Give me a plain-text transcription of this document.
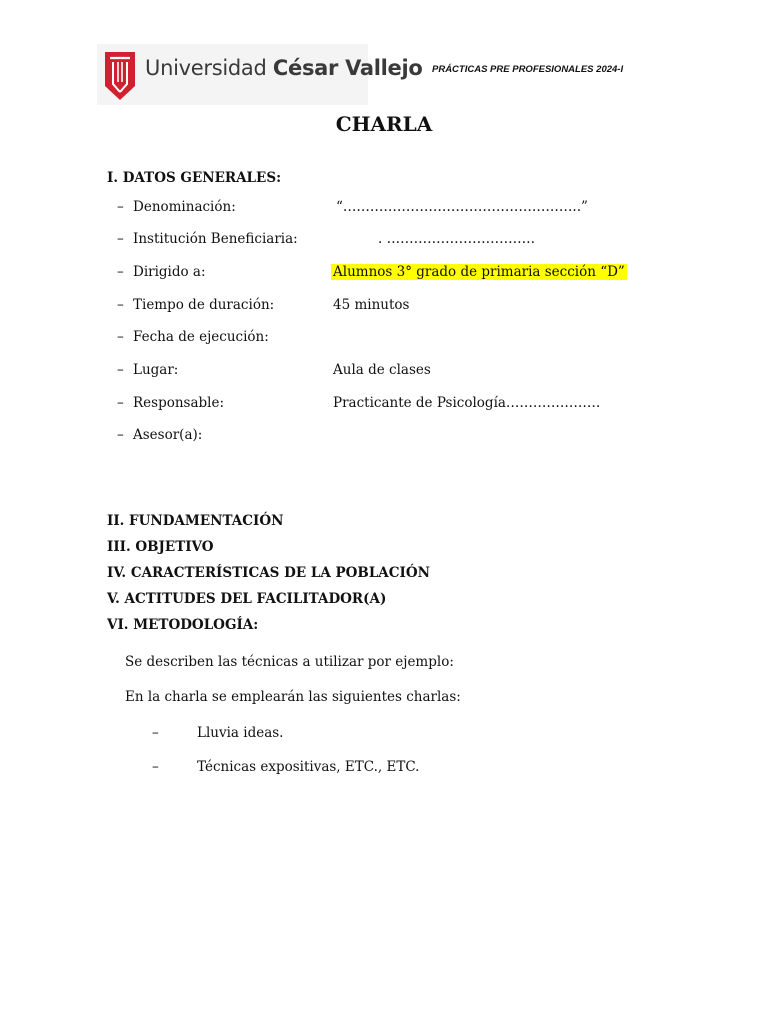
Universidad César Vallejo PRÁCTICAS PRE PROFESIONALES 2024-I
CHARLA
I. DATOS GENERALES:
– Denominación:	“……………………………………………..”
– Institución Beneficiaria:	. ……………………………
– Dirigido a:	Alumnos 3° grado de primaria sección “D”
– Tiempo de duración:	45 minutos
– Fecha de ejecución:
– Lugar:	Aula de clases
– Responsable:	Practicante de Psicología…………………
– Asesor(a):
II. FUNDAMENTACIÓN
III. OBJETIVO
IV. CARACTERÍSTICAS DE LA POBLACIÓN
V. ACTITUDES DEL FACILITADOR(A)
VI. METODOLOGÍA:
Se describen las técnicas a utilizar por ejemplo:
En la charla se emplearán las siguientes charlas:
–	Lluvia ideas.
–	Técnicas expositivas, ETC., ETC.
